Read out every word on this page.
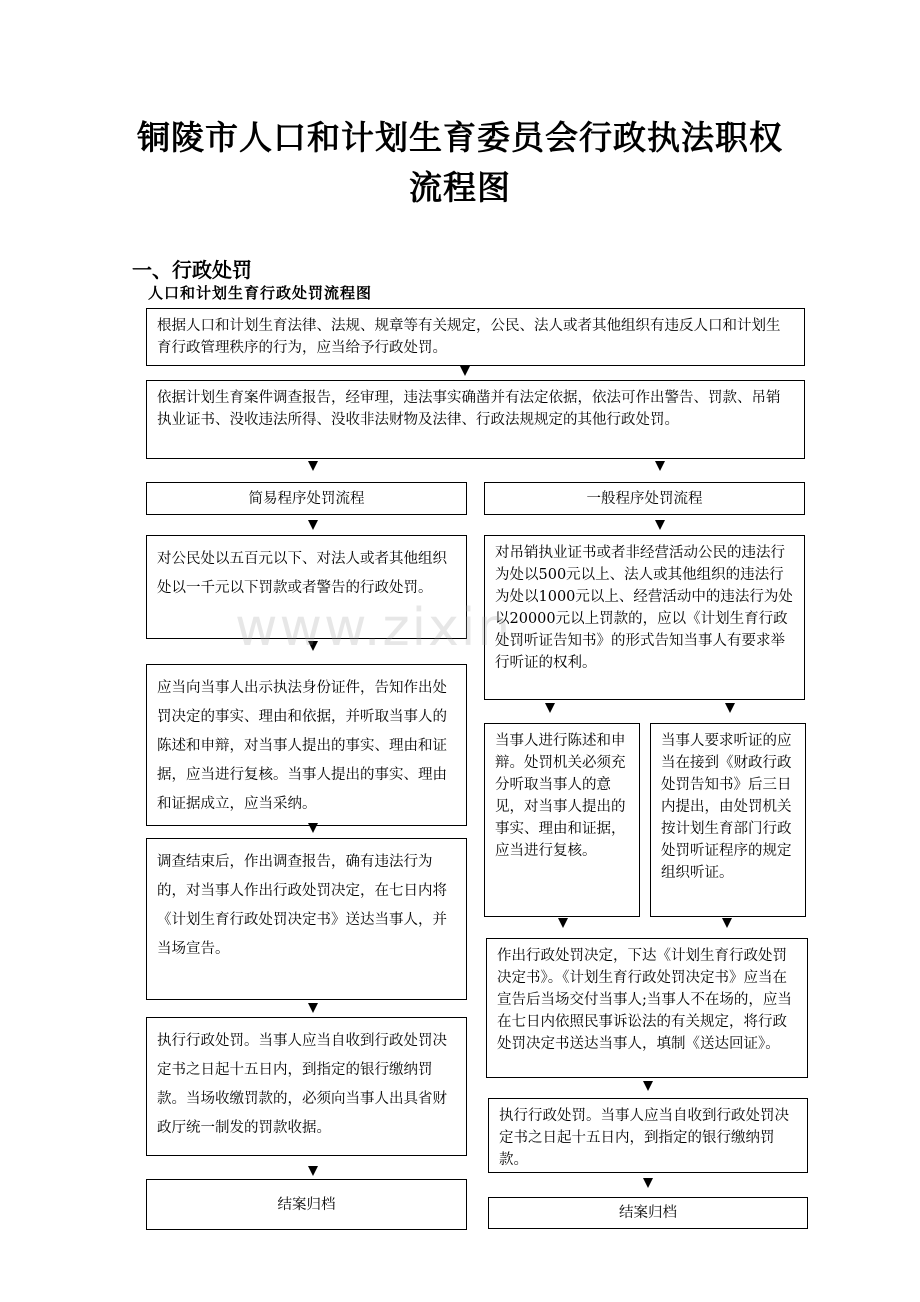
铜陵市人口和计划生育委员会行政执法职权
流程图
一、行政处罚
人口和计划生育行政处罚流程图
根据人口和计划生育法律、法规、规章等有关规定，公民、法人或者其他组织有违反人口和计划生育行政管理秩序的行为，应当给予行政处罚。
依据计划生育案件调查报告，经审理，违法事实确凿并有法定依据，依法可作出警告、罚款、吊销执业证书、没收违法所得、没收非法财物及法律、行政法规规定的其他行政处罚。
简易程序处罚流程	一般程序处罚流程
对公民处以五百元以下、对法人或者其他组织处以一千元以下罚款或者警告的行政处罚。
应当向当事人出示执法身份证件，告知作出处罚决定的事实、理由和依据，并听取当事人的陈述和申辩，对当事人提出的事实、理由和证据，应当进行复核。当事人提出的事实、理由和证据成立，应当采纳。
调查结束后，作出调查报告，确有违法行为的，对当事人作出行政处罚决定，在七日内将《计划生育行政处罚决定书》送达当事人，并当场宣告。
执行行政处罚。当事人应当自收到行政处罚决定书之日起十五日内，到指定的银行缴纳罚款。当场收缴罚款的，必须向当事人出具省财政厅统一制发的罚款收据。
结案归档
对吊销执业证书或者非经营活动公民的违法行为处以500元以上、法人或其他组织的违法行为处以1000元以上、经营活动中的违法行为处以20000元以上罚款的，应以《计划生育行政处罚听证告知书》的形式告知当事人有要求举行听证的权利。
当事人进行陈述和申辩。处罚机关必须充分听取当事人的意见，对当事人提出的事实、理由和证据，应当进行复核。
当事人要求听证的应当在接到《财政行政处罚告知书》后三日内提出，由处罚机关按计划生育部门行政处罚听证程序的规定组织听证。
作出行政处罚决定，下达《计划生育行政处罚决定书》。《计划生育行政处罚决定书》应当在宣告后当场交付当事人;当事人不在场的，应当在七日内依照民事诉讼法的有关规定，将行政处罚决定书送达当事人，填制《送达回证》。
执行行政处罚。当事人应当自收到行政处罚决定书之日起十五日内，到指定的银行缴纳罚款。
结案归档
www.zixin.
